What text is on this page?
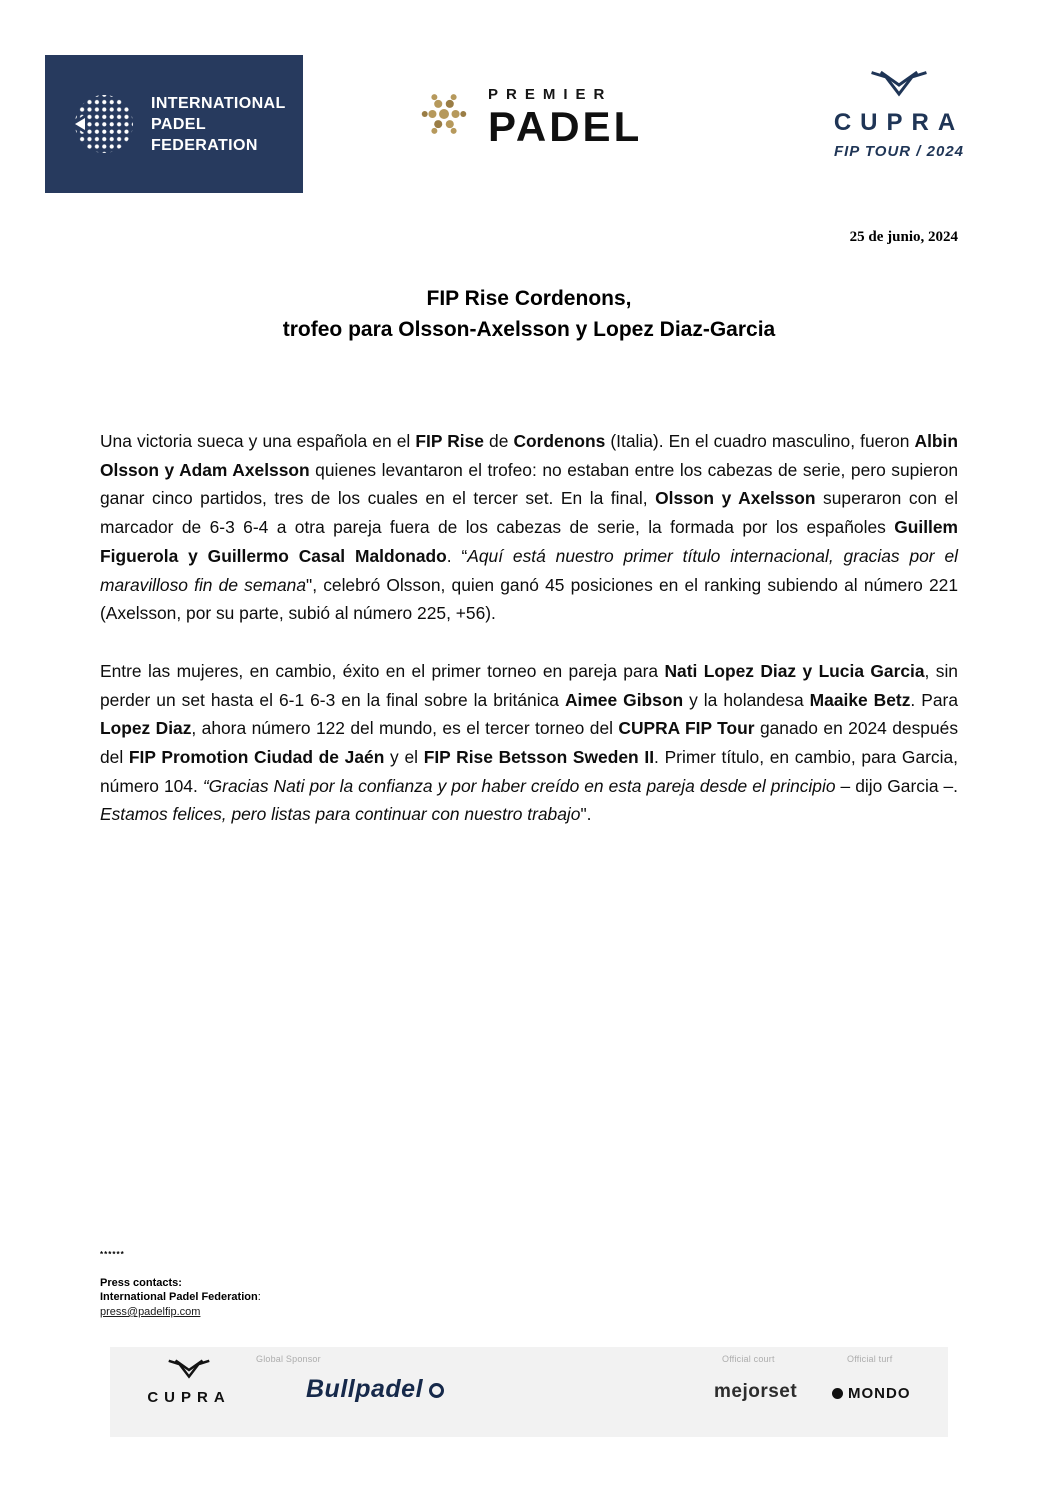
INTERNATIONAL
PADEL
FEDERATION
PREMIER
PADEL	CUPRA
FIP TOUR / 2024
25 de junio, 2024
FIP Rise Cordenons,
trofeo para Olsson-Axelsson y Lopez Diaz-Garcia

Una victoria sueca y una española en el FIP Rise de Cordenons (Italia). En el cuadro masculino, fueron Albin Olsson y Adam Axelsson quienes levantaron el trofeo: no estaban entre los cabezas de serie, pero supieron ganar cinco partidos, tres de los cuales en el tercer set. En la final, Olsson y Axelsson superaron con el marcador de 6-3 6-4 a otra pareja fuera de los cabezas de serie, la formada por los españoles Guillem Figuerola y Guillermo Casal Maldonado. “Aquí está nuestro primer título internacional, gracias por el maravilloso fin de semana", celebró Olsson, quien ganó 45 posiciones en el ranking subiendo al número 221 (Axelsson, por su parte, subió al número 225, +56).

Entre las mujeres, en cambio, éxito en el primer torneo en pareja para Nati Lopez Diaz y Lucia Garcia, sin perder un set hasta el 6-1 6-3 en la final sobre la británica Aimee Gibson y la holandesa Maaike Betz. Para Lopez Diaz, ahora número 122 del mundo, es el tercer torneo del CUPRA FIP Tour ganado en 2024 después del FIP Promotion Ciudad de Jaén y el FIP Rise Betsson Sweden II. Primer título, en cambio, para Garcia, número 104. “Gracias Nati por la confianza y por haber creído en esta pareja desde el principio – dijo Garcia –. Estamos felices, pero listas para continuar con nuestro trabajo".

******
Press contacts:
International Padel Federation:
press@padelfip.com
CUPRA
Global Sponsor
Bullpadel
Official court
mejorset
Official turf
MONDO
